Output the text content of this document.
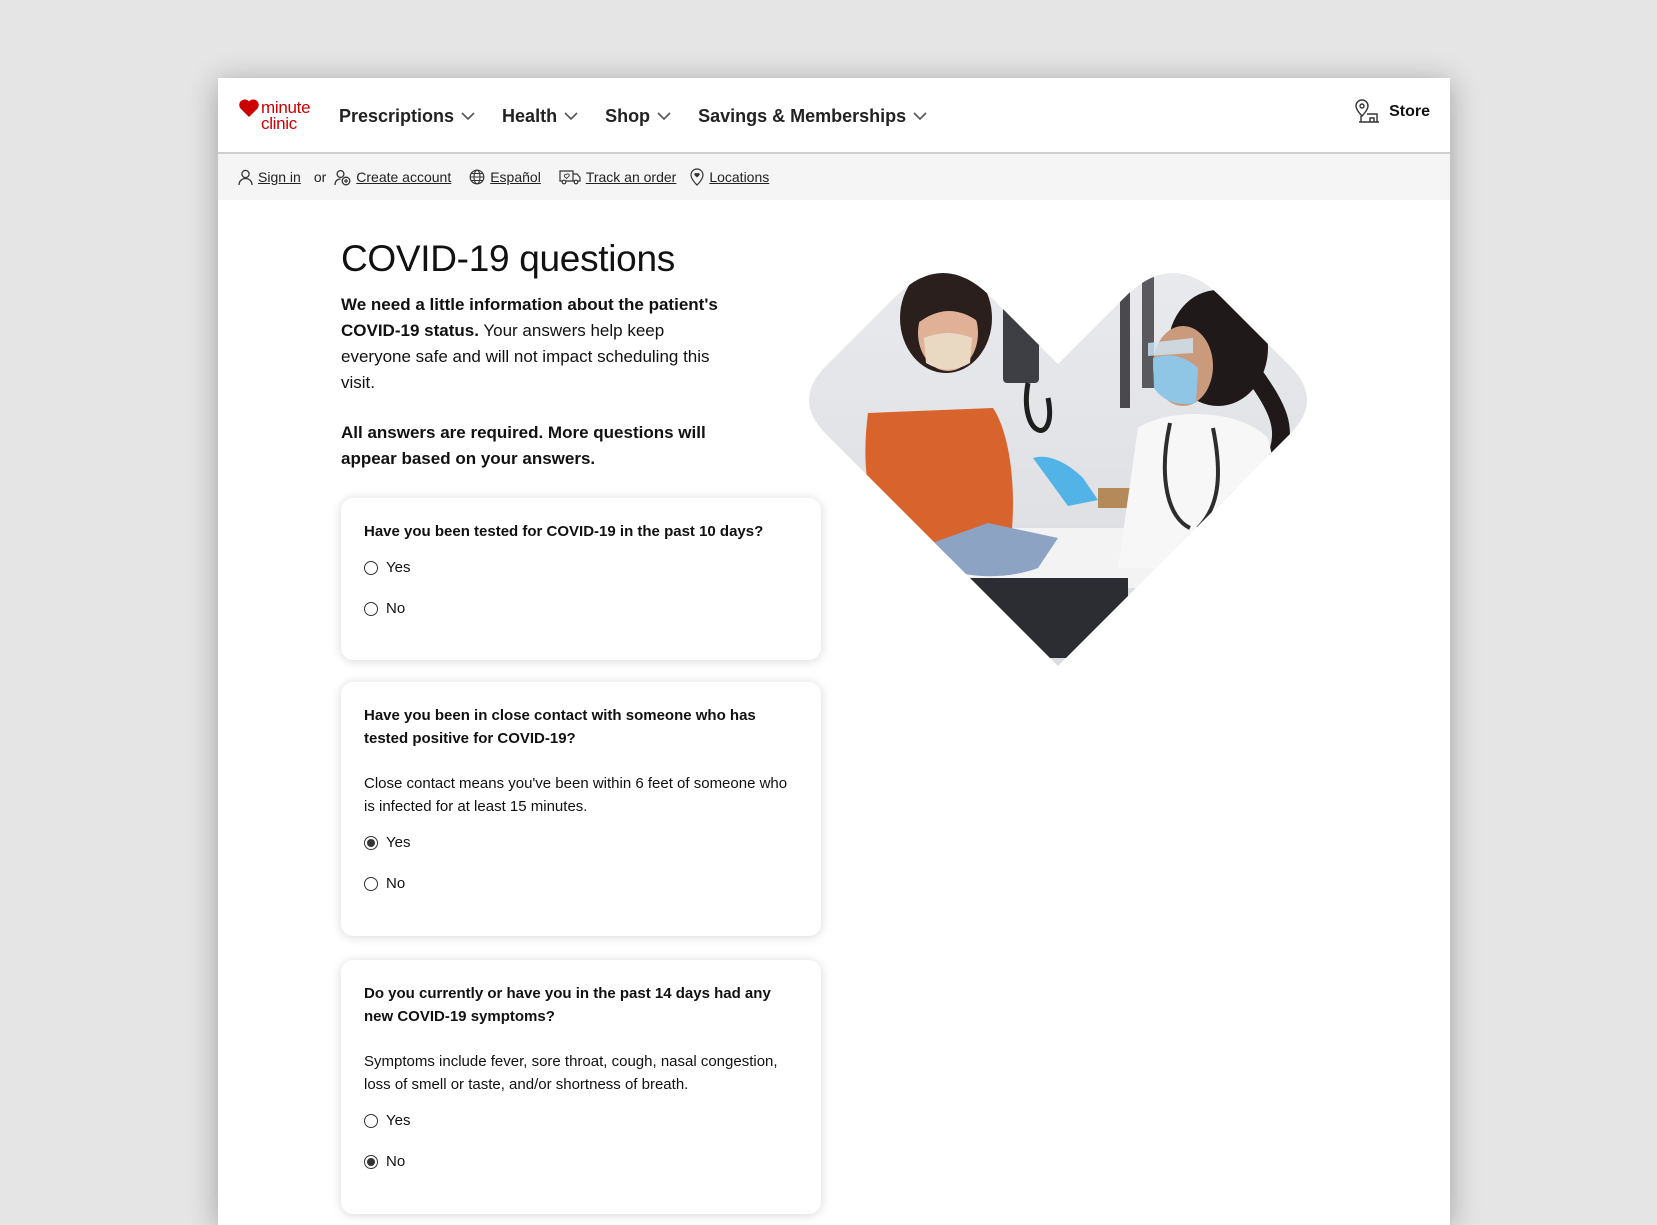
minute
clinic Prescriptions	Health	Shop	Savings & Memberships	Store
Sign in or Create account	Español	Track an order Locations
COVID-19 questions

We need a little information about the patient's COVID-19 status. Your answers help keep everyone safe and will not impact scheduling this visit.

All answers are required. More questions will appear based on your answers.

Have you been tested for COVID-19 in the past 10 days?

Yes
No

Have you been in close contact with someone who has tested positive for COVID-19?

Close contact means you've been within 6 feet of someone who is infected for at least 15 minutes.

Yes
No

Do you currently or have you in the past 14 days had any new COVID-19 symptoms?

Symptoms include fever, sore throat, cough, nasal congestion, loss of smell or taste, and/or shortness of breath.

Yes
No
